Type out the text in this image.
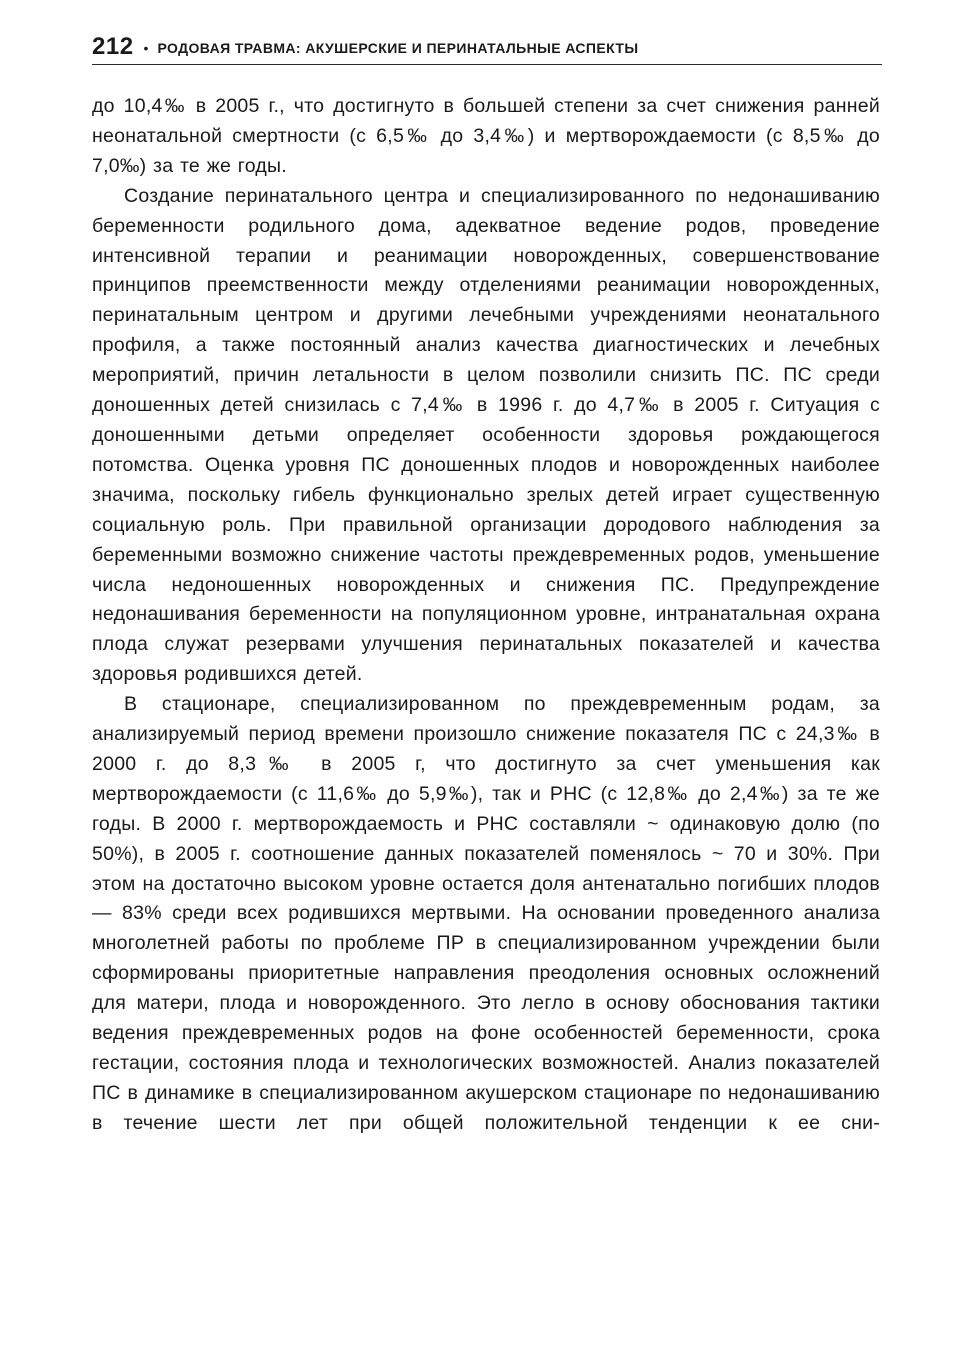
212 • РОДОВАЯ ТРАВМА: АКУШЕРСКИЕ И ПЕРИНАТАЛЬНЫЕ АСПЕКТЫ

до 10,4‰ в 2005 г., что достигнуто в большей степени за счет снижения ранней неонатальной смертности (с 6,5‰ до 3,4‰) и мертворождаемости (с 8,5‰ до 7,0‰) за те же годы.

Создание перинатального центра и специализированного по недонашиванию беременности родильного дома, адекватное ведение родов, проведение интенсивной терапии и реанимации новорожденных, совершенствование принципов преемственности между отделениями реанимации новорожденных, перинатальным центром и другими лечебными учреждениями неонатального профиля, а также постоянный анализ качества диагностических и лечебных мероприятий, причин летальности в целом позволили снизить ПС. ПС среди доношенных детей снизилась с 7,4‰ в 1996 г. до 4,7‰ в 2005 г. Ситуация с доношенными детьми определяет особенности здоровья рождающегося потомства. Оценка уровня ПС доношенных плодов и новорожденных наиболее значима, поскольку гибель функционально зрелых детей играет существенную социальную роль. При правильной организации дородового наблюдения за беременными возможно снижение частоты преждевременных родов, уменьшение числа недоношенных новорожденных и снижения ПС. Предупреждение недонашивания беременности на популяционном уровне, интранатальная охрана плода служат резервами улучшения перинатальных показателей и качества здоровья родившихся детей.

В стационаре, специализированном по преждевременным родам, за анализируемый период времени произошло снижение показателя ПС с 24,3‰ в 2000 г. до 8,3‰ в 2005 г, что достигнуто за счет уменьшения как мертворождаемости (с 11,6‰ до 5,9‰), так и РНС (с 12,8‰ до 2,4‰) за те же годы. В 2000 г. мертворождаемость и РНС составляли ~ одинаковую долю (по 50%), в 2005 г. соотношение данных показателей поменялось ~ 70 и 30%. При этом на достаточно высоком уровне остается доля антенатально погибших плодов — 83% среди всех родившихся мертвыми. На основании проведенного анализа многолетней работы по проблеме ПР в специализированном учреждении были сформированы приоритетные направления преодоления основных осложнений для матери, плода и новорожденного. Это легло в основу обоснования тактики ведения преждевременных родов на фоне особенностей беременности, срока гестации, состояния плода и технологических возможностей. Анализ показателей ПС в динамике в специализированном акушерском стационаре по недонашиванию в течение шести лет при общей положительной тенденции к ее сни-
